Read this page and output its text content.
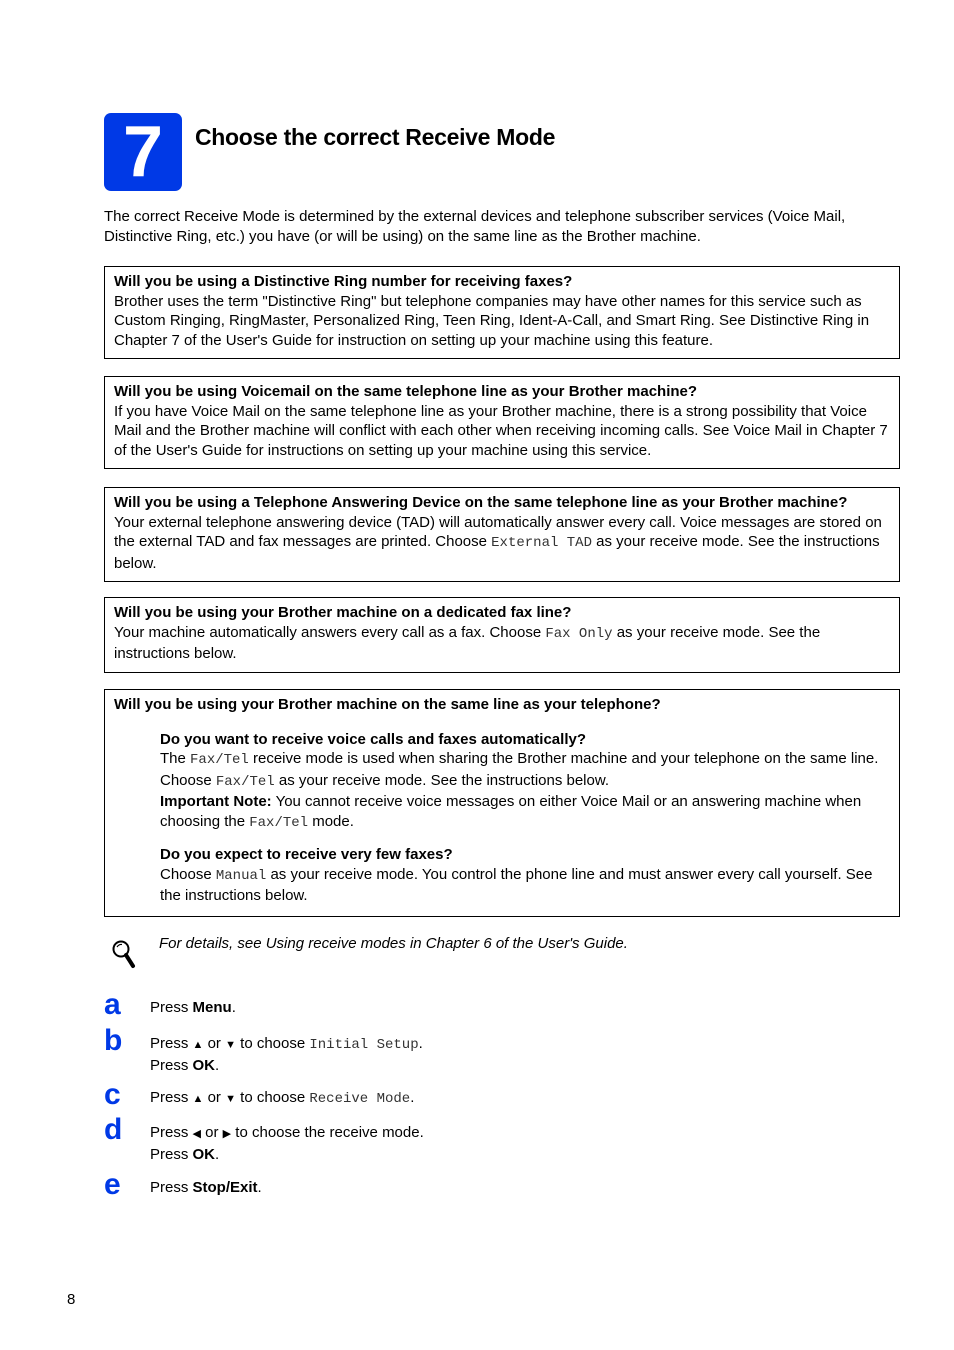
7	Choose the correct Receive Mode
The correct Receive Mode is determined by the external devices and telephone subscriber services (Voice Mail, Distinctive Ring, etc.) you have (or will be using) on the same line as the Brother machine.
Will you be using a Distinctive Ring number for receiving faxes?
Brother uses the term "Distinctive Ring" but telephone companies may have other names for this service such as Custom Ringing, RingMaster, Personalized Ring, Teen Ring, Ident-A-Call, and Smart Ring. See Distinctive Ring in Chapter 7 of the User's Guide for instruction on setting up your machine using this feature.
Will you be using Voicemail on the same telephone line as your Brother machine?
If you have Voice Mail on the same telephone line as your Brother machine, there is a strong possibility that Voice Mail and the Brother machine will conflict with each other when receiving incoming calls. See Voice Mail in Chapter 7 of the User's Guide for instructions on setting up your machine using this service.
Will you be using a Telephone Answering Device on the same telephone line as your Brother machine?
Your external telephone answering device (TAD) will automatically answer every call. Voice messages are stored on the external TAD and fax messages are printed. Choose External TAD as your receive mode. See the instructions below.
Will you be using your Brother machine on a dedicated fax line?
Your machine automatically answers every call as a fax. Choose Fax Only as your receive mode. See the instructions below.
Will you be using your Brother machine on the same line as your telephone?
Do you want to receive voice calls and faxes automatically?
The Fax/Tel receive mode is used when sharing the Brother machine and your telephone on the same line. Choose Fax/Tel as your receive mode. See the instructions below.
Important Note: You cannot receive voice messages on either Voice Mail or an answering machine when choosing the Fax/Tel mode.
Do you expect to receive very few faxes?
Choose Manual as your receive mode. You control the phone line and must answer every call yourself. See the instructions below.
For details, see Using receive modes in Chapter 6 of the User's Guide.
a Press Menu.
b Press ▲ or ▼ to choose Initial Setup.
Press OK.
c Press ▲ or ▼ to choose Receive Mode.
d Press ◀ or ▶ to choose the receive mode.
Press OK.
e Press Stop/Exit.
8
